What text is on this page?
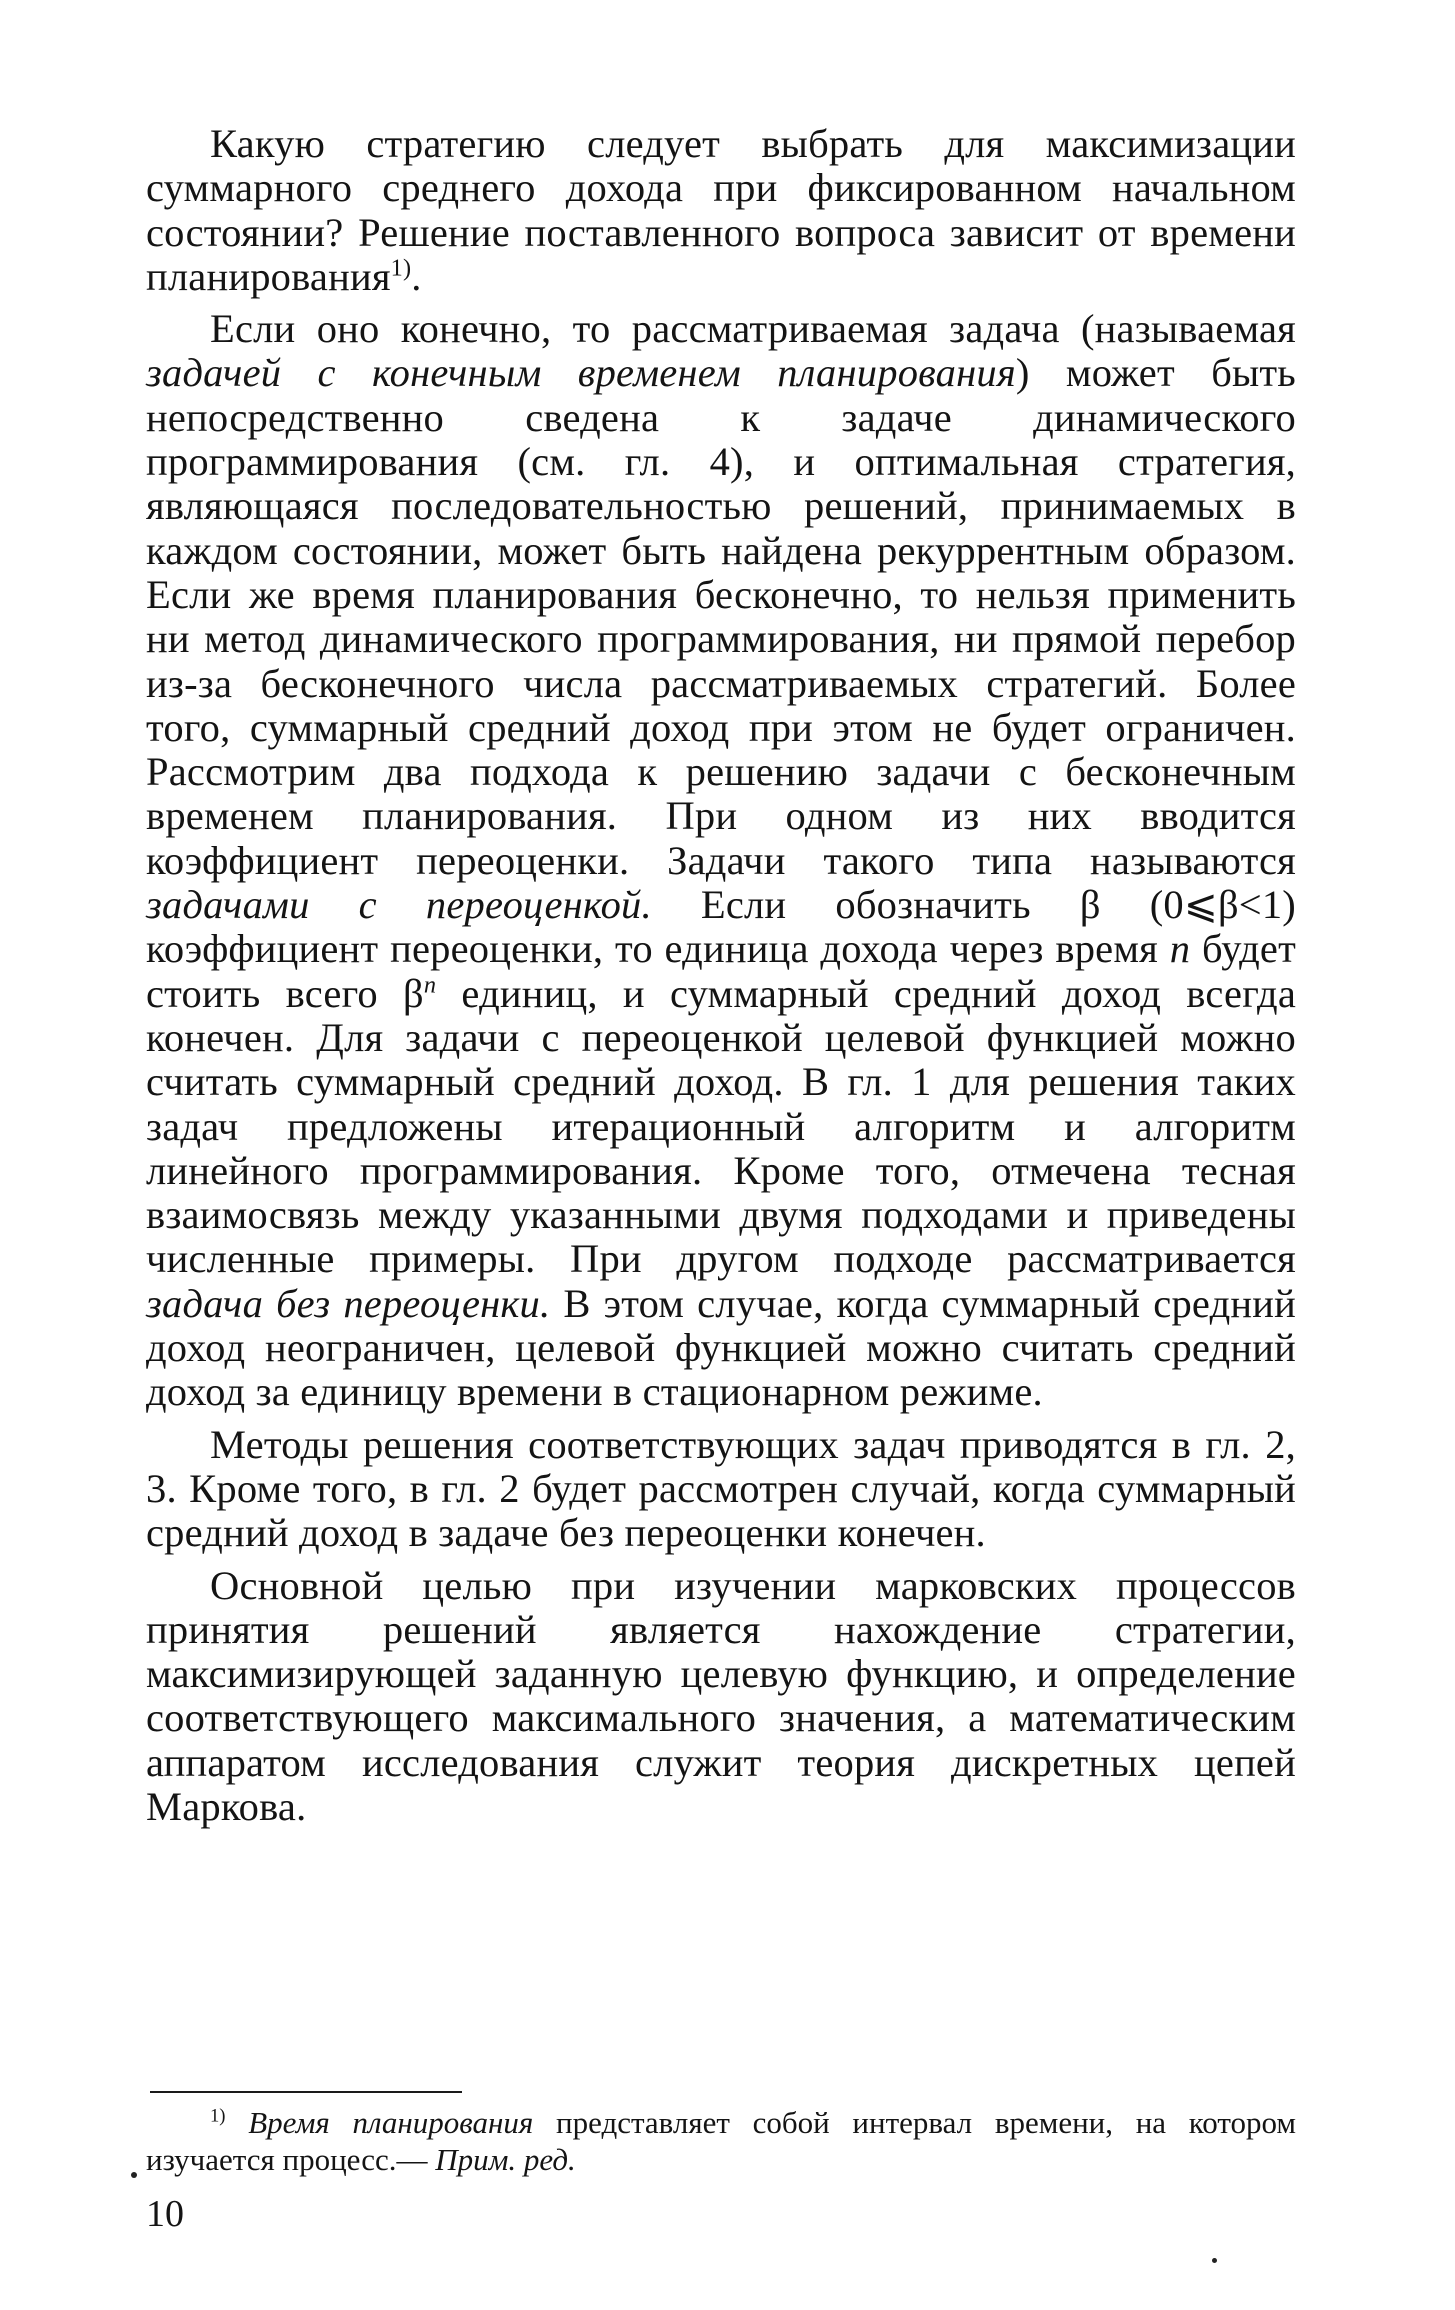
Какую стратегию следует выбрать для максимизации суммарного среднего дохода при фиксированном начальном состоянии? Решение поставленного вопроса зависит от времени планирования$^{1)}$.

Если оно конечно, то рассматриваемая задача (называемая задачей с конечным временем планирования) может быть непосредственно сведена к задаче динамического программирования (см. гл. 4), и оптимальная стратегия, являющаяся последовательностью решений, принимаемых в каждом состоянии, может быть найдена рекуррентным образом. Если же время планирования бесконечно, то нельзя применить ни метод динамического программирования, ни прямой перебор из-за бесконечного числа рассматриваемых стратегий. Более того, суммарный средний доход при этом не будет ограничен. Рассмотрим два подхода к решению задачи с бесконечным временем планирования. При одном из них вводится коэффициент переоценки. Задачи такого типа называются задачами с переоценкой. Если обозначить β (0⩽β<1) коэффициент переоценки, то единица дохода через время n будет стоить всего $\beta^n$ единиц, и суммарный средний доход всегда конечен. Для задачи с переоценкой целевой функцией можно считать суммарный средний доход. В гл. 1 для решения таких задач предложены итерационный алгоритм и алгоритм линейного программирования. Кроме того, отмечена тесная взаимосвязь между указанными двумя подходами и приведены численные примеры. При другом подходе рассматривается задача без переоценки. В этом случае, когда суммарный средний доход неограничен, целевой функцией можно считать средний доход за единицу времени в стационарном режиме.

Методы решения соответствующих задач приводятся в гл. 2, 3. Кроме того, в гл. 2 будет рассмотрен случай, когда суммарный средний доход в задаче без переоценки конечен.

Основной целью при изучении марковских процессов принятия решений является нахождение стратегии, максимизирующей заданную целевую функцию, и определение соответствующего максимального значения, а математическим аппаратом исследования служит теория дискретных цепей Маркова.

$^{1)}$ Время планирования представляет собой интервал времени, на котором изучается процесс.— Прим. ред.

10
